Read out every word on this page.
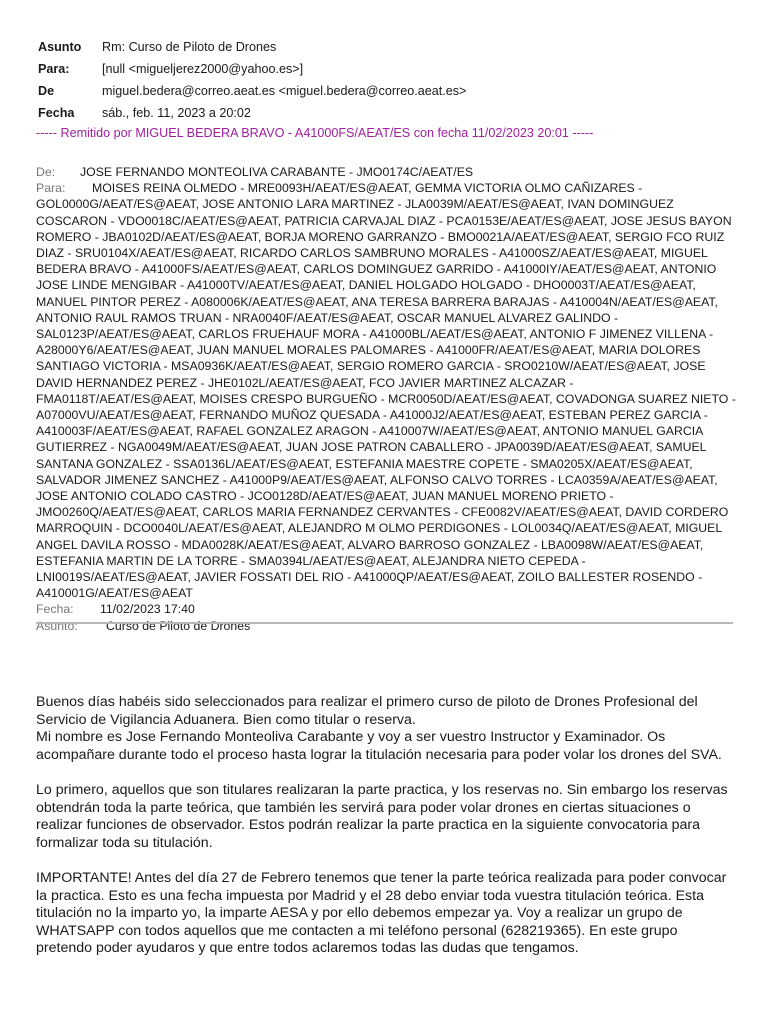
Asunto	Rm: Curso de Piloto de Drones
Para:	[null <migueljerez2000@yahoo.es>]
De	miguel.bedera@correo.aeat.es <miguel.bedera@correo.aeat.es>
Fecha	sáb., feb. 11, 2023 a 20:02
----- Remitido por MIGUEL BEDERA BRAVO - A41000FS/AEAT/ES con fecha 11/02/2023 20:01 -----
De: JOSE FERNANDO MONTEOLIVA CARABANTE - JMO0174C/AEAT/ES
Para: MOISES REINA OLMEDO - MRE0093H/AEAT/ES@AEAT, GEMMA VICTORIA OLMO CAÑIZARES - GOL0000G/AEAT/ES@AEAT, JOSE ANTONIO LARA MARTINEZ - JLA0039M/AEAT/ES@AEAT, IVAN DOMINGUEZ COSCARON - VDO0018C/AEAT/ES@AEAT, PATRICIA CARVAJAL DIAZ - PCA0153E/AEAT/ES@AEAT, JOSE JESUS BAYON ROMERO - JBA0102D/AEAT/ES@AEAT, BORJA MORENO GARRANZO - BMO0021A/AEAT/ES@AEAT, SERGIO FCO RUIZ DIAZ - SRU0104X/AEAT/ES@AEAT, RICARDO CARLOS SAMBRUNO MORALES - A41000SZ/AEAT/ES@AEAT, MIGUEL BEDERA BRAVO - A41000FS/AEAT/ES@AEAT, CARLOS DOMINGUEZ GARRIDO - A41000IY/AEAT/ES@AEAT, ANTONIO JOSE LINDE MENGIBAR - A41000TV/AEAT/ES@AEAT, DANIEL HOLGADO HOLGADO - DHO0003T/AEAT/ES@AEAT, MANUEL PINTOR PEREZ - A080006K/AEAT/ES@AEAT, ANA TERESA BARRERA BARAJAS - A410004N/AEAT/ES@AEAT, ANTONIO RAUL RAMOS TRUAN - NRA0040F/AEAT/ES@AEAT, OSCAR MANUEL ALVAREZ GALINDO - SAL0123P/AEAT/ES@AEAT, CARLOS FRUEHAUF MORA - A41000BL/AEAT/ES@AEAT, ANTONIO F JIMENEZ VILLENA - A28000Y6/AEAT/ES@AEAT, JUAN MANUEL MORALES PALOMARES - A41000FR/AEAT/ES@AEAT, MARIA DOLORES SANTIAGO VICTORIA - MSA0936K/AEAT/ES@AEAT, SERGIO ROMERO GARCIA - SRO0210W/AEAT/ES@AEAT, JOSE DAVID HERNANDEZ PEREZ - JHE0102L/AEAT/ES@AEAT, FCO JAVIER MARTINEZ ALCAZAR - FMA0118T/AEAT/ES@AEAT, MOISES CRESPO BURGUEÑO - MCR0050D/AEAT/ES@AEAT, COVADONGA SUAREZ NIETO - A07000VU/AEAT/ES@AEAT, FERNANDO MUÑOZ QUESADA - A41000J2/AEAT/ES@AEAT, ESTEBAN PEREZ GARCIA - A410003F/AEAT/ES@AEAT, RAFAEL GONZALEZ ARAGON - A410007W/AEAT/ES@AEAT, ANTONIO MANUEL GARCIA GUTIERREZ - NGA0049M/AEAT/ES@AEAT, JUAN JOSE PATRON CABALLERO - JPA0039D/AEAT/ES@AEAT, SAMUEL SANTANA GONZALEZ - SSA0136L/AEAT/ES@AEAT, ESTEFANIA MAESTRE COPETE - SMA0205X/AEAT/ES@AEAT, SALVADOR JIMENEZ SANCHEZ - A41000P9/AEAT/ES@AEAT, ALFONSO CALVO TORRES - LCA0359A/AEAT/ES@AEAT, JOSE ANTONIO COLADO CASTRO - JCO0128D/AEAT/ES@AEAT, JUAN MANUEL MORENO PRIETO - JMO0260Q/AEAT/ES@AEAT, CARLOS MARIA FERNANDEZ CERVANTES - CFE0082V/AEAT/ES@AEAT, DAVID CORDERO MARROQUIN - DCO0040L/AEAT/ES@AEAT, ALEJANDRO M OLMO PERDIGONES - LOL0034Q/AEAT/ES@AEAT, MIGUEL ANGEL DAVILA ROSSO - MDA0028K/AEAT/ES@AEAT, ALVARO BARROSO GONZALEZ - LBA0098W/AEAT/ES@AEAT, ESTEFANIA MARTIN DE LA TORRE - SMA0394L/AEAT/ES@AEAT, ALEJANDRA NIETO CEPEDA - LNI0019S/AEAT/ES@AEAT, JAVIER FOSSATI DEL RIO - A41000QP/AEAT/ES@AEAT, ZOILO BALLESTER ROSENDO - A410001G/AEAT/ES@AEAT
Fecha: 11/02/2023 17:40
Asunto: Curso de Piloto de Drones

Buenos días habéis sido seleccionados para realizar el primero curso de piloto de Drones Profesional del Servicio de Vigilancia Aduanera. Bien como titular o reserva.
Mi nombre es Jose Fernando Monteoliva Carabante y voy a ser vuestro Instructor y Examinador. Os acompañare durante todo el proceso hasta lograr la titulación necesaria para poder volar los drones del SVA.

Lo primero, aquellos que son titulares realizaran la parte practica, y los reservas no. Sin embargo los reservas obtendrán toda la parte teórica, que también les servirá para poder volar drones en ciertas situaciones o realizar funciones de observador. Estos podrán realizar la parte practica en la siguiente convocatoria para formalizar toda su titulación.

IMPORTANTE! Antes del día 27 de Febrero tenemos que tener la parte teórica realizada para poder convocar la practica. Esto es una fecha impuesta por Madrid y el 28 debo enviar toda vuestra titulación teórica. Esta titulación no la imparto yo, la imparte AESA y por ello debemos empezar ya. Voy a realizar un grupo de WHATSAPP con todos aquellos que me contacten a mi teléfono personal (628219365). En este grupo pretendo poder ayudaros y que entre todos aclaremos todas las dudas que tengamos.
